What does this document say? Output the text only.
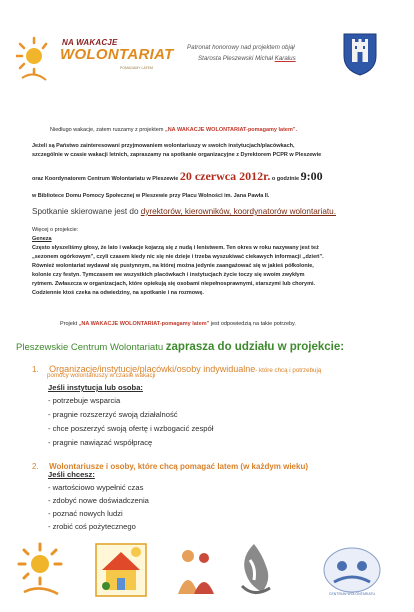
NA WAKACJE
WOLONTARIAT
POMAGAMY LATEM
Patronat honorowy nad projektem objął
Starosta Pleszewski Michał Karalus
Niedługo wakacje, zatem ruszamy z projektem „NA WAKACJE WOLONTARIAT-pomagamy latem".
Jeżeli są Państwo zainteresowani przyjmowaniem wolontariuszy w swoich instytucjach/placówkach,
szczególnie w czasie wakacji letnich, zapraszamy na spotkanie organizacyjne z Dyrektorem PCPR w Pleszewie
oraz Koordynatorem Centrum Wolontariatu w Pleszewie 20 czerwca 2012r. o godzinie 9:00
w Bibliotece Domu Pomocy Społecznej w Pleszewie przy Placu Wolności im. Jana Pawła II.
Spotkanie skierowane jest do dyrektorów, kierowników, koordynatorów wolontariatu.
Więcej o projekcie:
Geneza
Często słyszeliśmy głosy, że lato i wakacje kojarzą się z nudą i lenistwem. Ten okres w roku nazywany jest też
„sezonem ogórkowym", czyli czasem kiedy nic się nie dzieje i trzeba wyszukiwać ciekawych informacji ,,dzień".
Również wolontariat wydawał się pustynnym, na której można jedynie zaangażować się w jakieś półkolonie,
kolonie czy festyn. Tymczasem we wszystkich placówkach i instytucjach życie toczy się swoim zwykłym
rytmem. Zwłaszcza w organizacjach, które opiekują się osobami niepełnosprawnymi, starszymi lub chorymi.
Codziennie ktoś czeka na odwiedziny, na spotkanie i na rozmowę.
Projekt „NA WAKACJE WOLONTARIAT-pomagamy latem" jest odpowiedzią na takie potrzeby.
Pleszewskie Centrum Wolontariatu zaprasza do udziału w projekcie:
1. Organizacje/instytucje/placówki/osoby indywidualne- które chcą i potrzebują
pomocy wolontariuszy w czasie wakacji
Jeśli instytucja lub osoba:
- potrzebuje wsparcia
- pragnie rozszerzyć swoją działalność
- chce poszerzyć swoją ofertę i wzbogacić zespół
- pragnie nawiązać współpracę
2. Wolontariusze i osoby, które chcą pomagać latem (w każdym wieku)
Jeśli chcesz:
- wartościowo wypełnić czas
- zdobyć nowe doświadczenia
- poznać nowych ludzi
- zrobić coś pożytecznego
CENTRUM WOLONTARIATU
